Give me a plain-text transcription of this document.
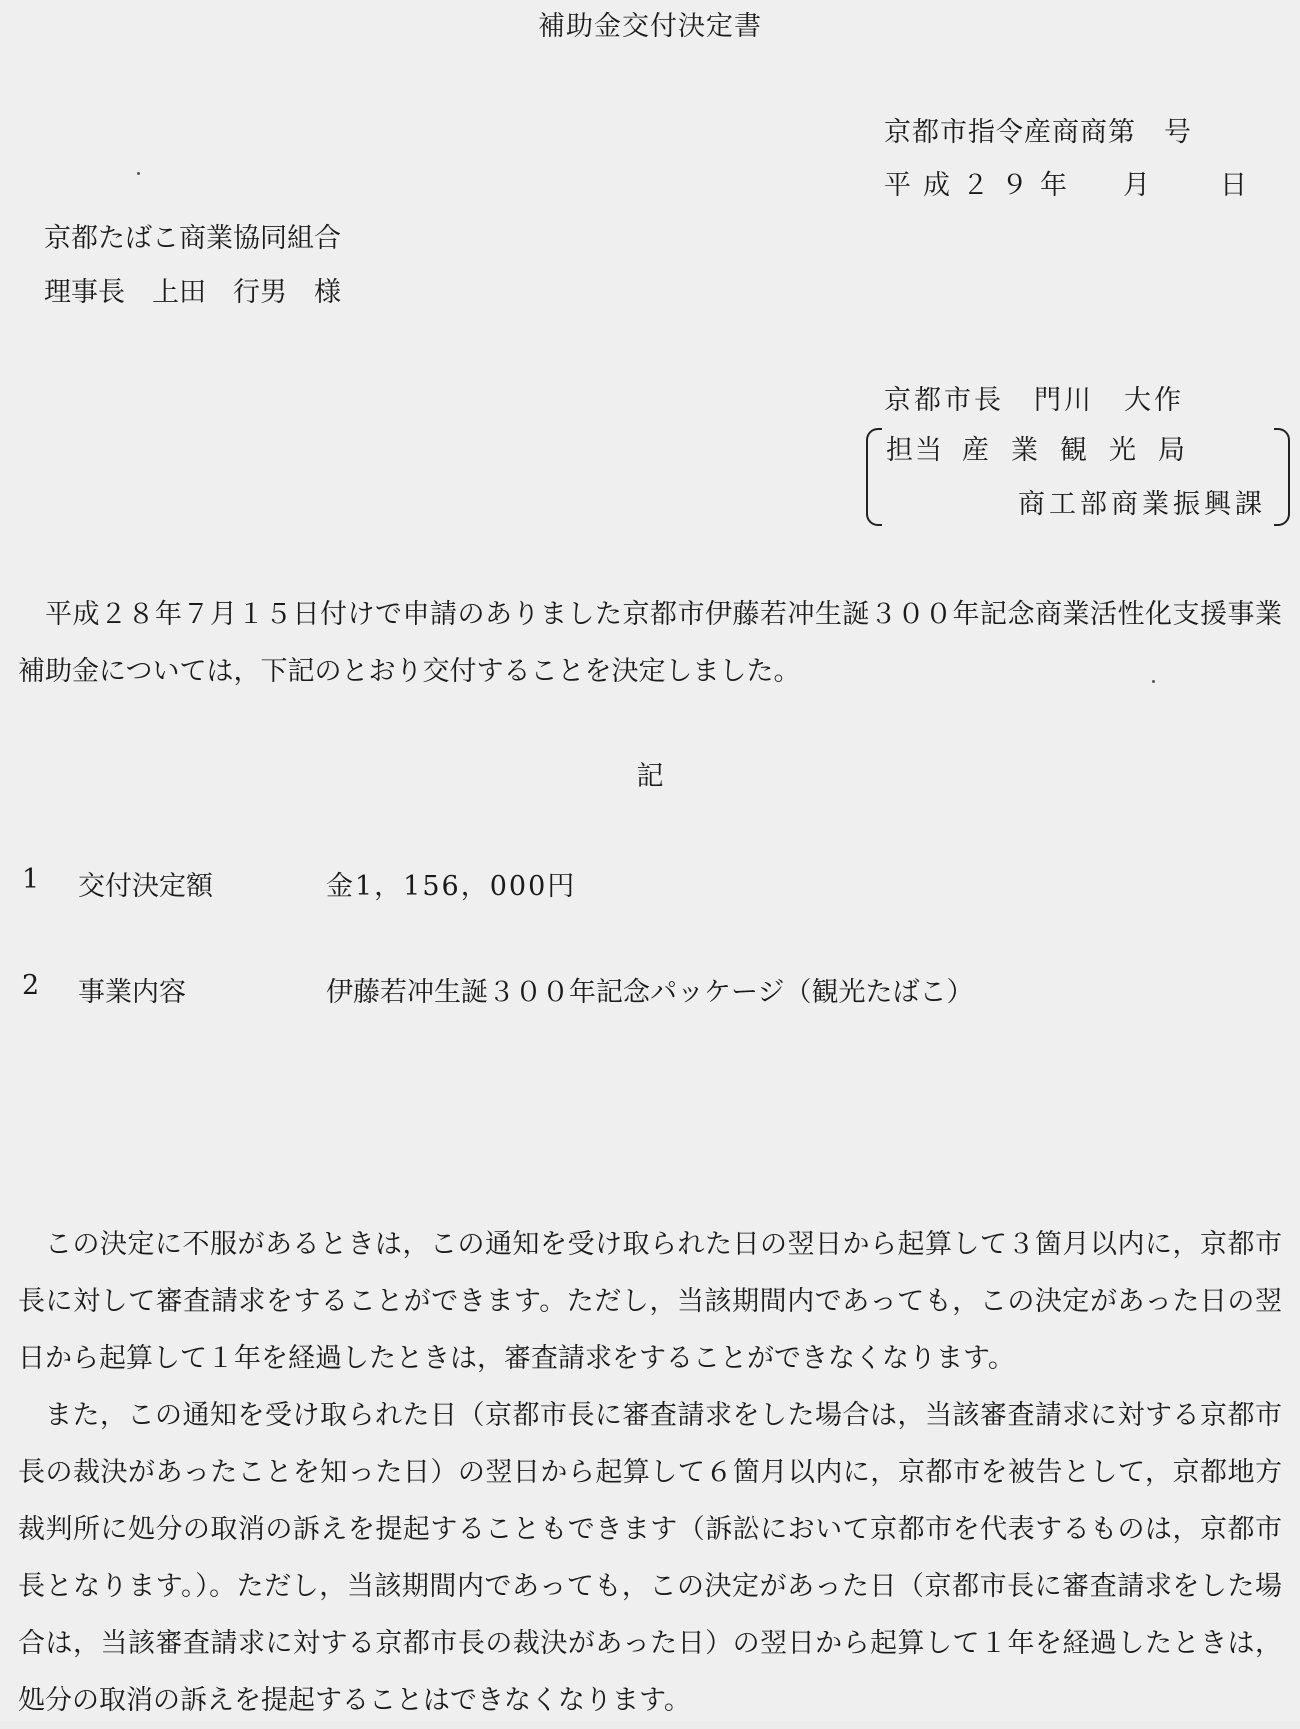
補助金交付決定書
京都市指令産商商第　号
平成２９年 月	日
京都たばこ商業協同組合
理事長　上田　行男　様
京都市長　門川　大作
担当 産業観光局
商工部商業振興課
平成２８年７月１５日付けで申請のありました京都市伊藤若冲生誕３００年記念商業活性化支援事業補助金については，下記のとおり交付することを決定しました。
記
1 交付決定額	金1，156，000円
2 事業内容	伊藤若冲生誕３００年記念パッケージ（観光たばこ）
この決定に不服があるときは，この通知を受け取られた日の翌日から起算して３箇月以内に，京都市長に対して審査請求をすることができます。ただし，当該期間内であっても，この決定があった日の翌日から起算して１年を経過したときは，審査請求をすることができなくなります。
また，この通知を受け取られた日（京都市長に審査請求をした場合は，当該審査請求に対する京都市長の裁決があったことを知った日）の翌日から起算して６箇月以内に，京都市を被告として，京都地方裁判所に処分の取消の訴えを提起することもできます（訴訟において京都市を代表するものは，京都市長となります。）。ただし，当該期間内であっても，この決定があった日（京都市長に審査請求をした場合は，当該審査請求に対する京都市長の裁決があった日）の翌日から起算して１年を経過したときは，処分の取消の訴えを提起することはできなくなります。
